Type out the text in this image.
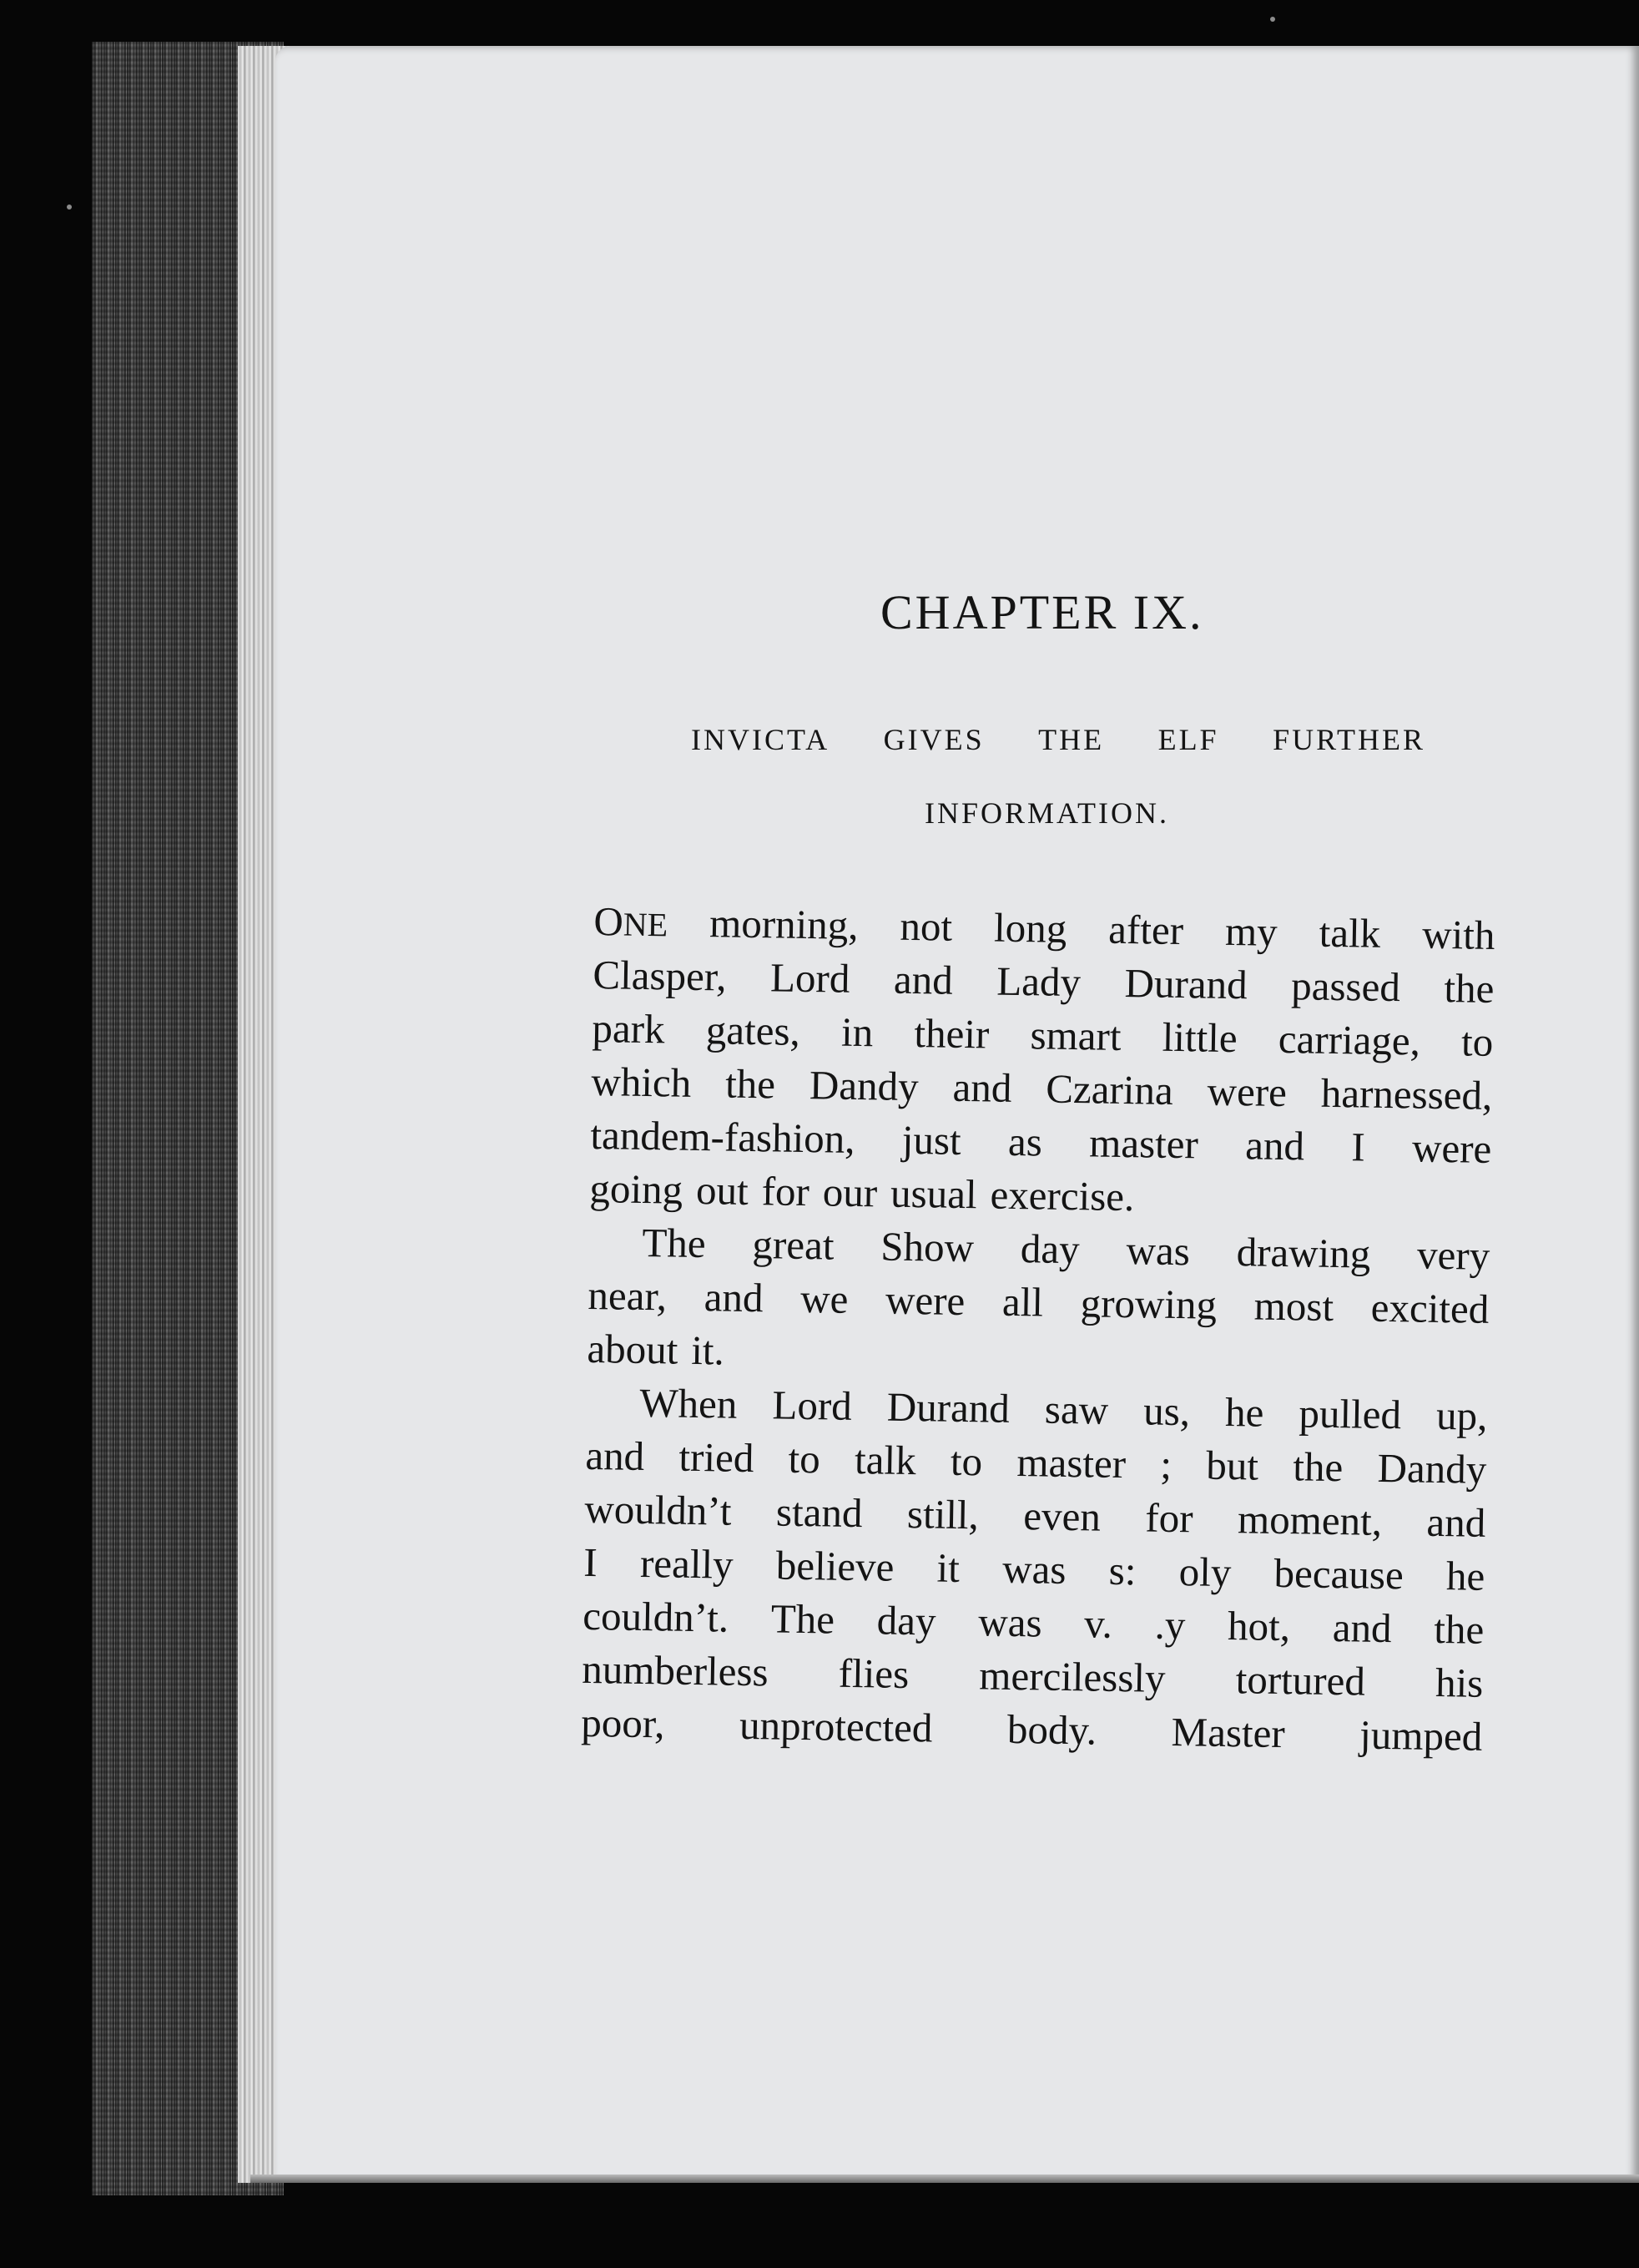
CHAPTER IX.
INVICTA GIVES THE ELF FURTHER
INFORMATION.
ONE morning, not long after my talk with
Clasper, Lord and Lady Durand passed the
park gates, in their smart little carriage, to
which the Dandy and Czarina were harnessed,
tandem-fashion, just as master and I were
going out for our usual exercise.
The great Show day was drawing very
near, and we were all growing most excited
about it.
When Lord Durand saw us, he pulled up,
and tried to talk to master ; but the Dandy
wouldn’t stand still, even for moment, and
I really believe it was s: oly because he
couldn’t. The day was v. .y hot, and the
numberless flies mercilessly tortured his
poor, unprotected body. Master jumped
